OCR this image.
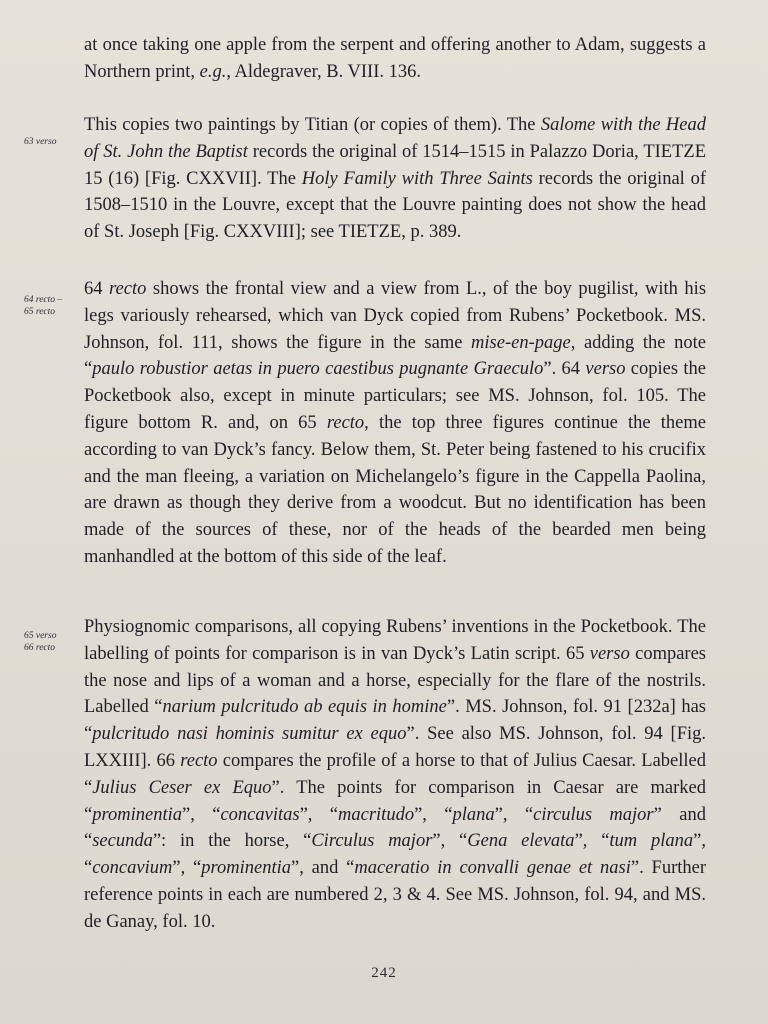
at once taking one apple from the serpent and offering another to Adam, suggests a Northern print, e.g., Aldegraver, B. VIII. 136.
63 verso
This copies two paintings by Titian (or copies of them). The Salome with the Head of St. John the Baptist records the original of 1514–1515 in Palazzo Doria, TIETZE 15 (16) [Fig. CXXVII]. The Holy Family with Three Saints records the original of 1508–1510 in the Louvre, except that the Louvre painting does not show the head of St. Joseph [Fig. CXXVIII]; see TIETZE, p. 389.
64 recto –
65 recto
64 recto shows the frontal view and a view from L., of the boy pugilist, with his legs variously rehearsed, which van Dyck copied from Rubens’ Pocketbook. MS. Johnson, fol. 111, shows the figure in the same mise-en-page, adding the note “paulo robustior aetas in puero caestibus pugnante Graeculo”. 64 verso copies the Pocketbook also, except in minute particulars; see MS. Johnson, fol. 105. The figure bottom R. and, on 65 recto, the top three figures continue the theme according to van Dyck’s fancy. Below them, St. Peter being fastened to his crucifix and the man fleeing, a variation on Michelangelo’s figure in the Cappella Paolina, are drawn as though they derive from a woodcut. But no identification has been made of the sources of these, nor of the heads of the bearded men being manhandled at the bottom of this side of the leaf.
65 verso
66 recto
Physiognomic comparisons, all copying Rubens’ inventions in the Pocketbook. The labelling of points for comparison is in van Dyck’s Latin script. 65 verso compares the nose and lips of a woman and a horse, especially for the flare of the nostrils. Labelled “narium pulcritudo ab equis in homine”. MS. Johnson, fol. 91 [232a] has “pulcritudo nasi hominis sumitur ex equo”. See also MS. Johnson, fol. 94 [Fig. LXXIII]. 66 recto compares the profile of a horse to that of Julius Caesar. Labelled “Julius Ceser ex Equo”. The points for comparison in Caesar are marked “prominentia”, “concavitas”, “macritudo”, “plana”, “circulus major” and “secunda”: in the horse, “Circulus major”, “Gena elevata”, “tum plana”, “concavium”, “prominentia”, and “maceratio in convalli genae et nasi”. Further reference points in each are numbered 2, 3 & 4. See MS. Johnson, fol. 94, and MS. de Ganay, fol. 10.
242
